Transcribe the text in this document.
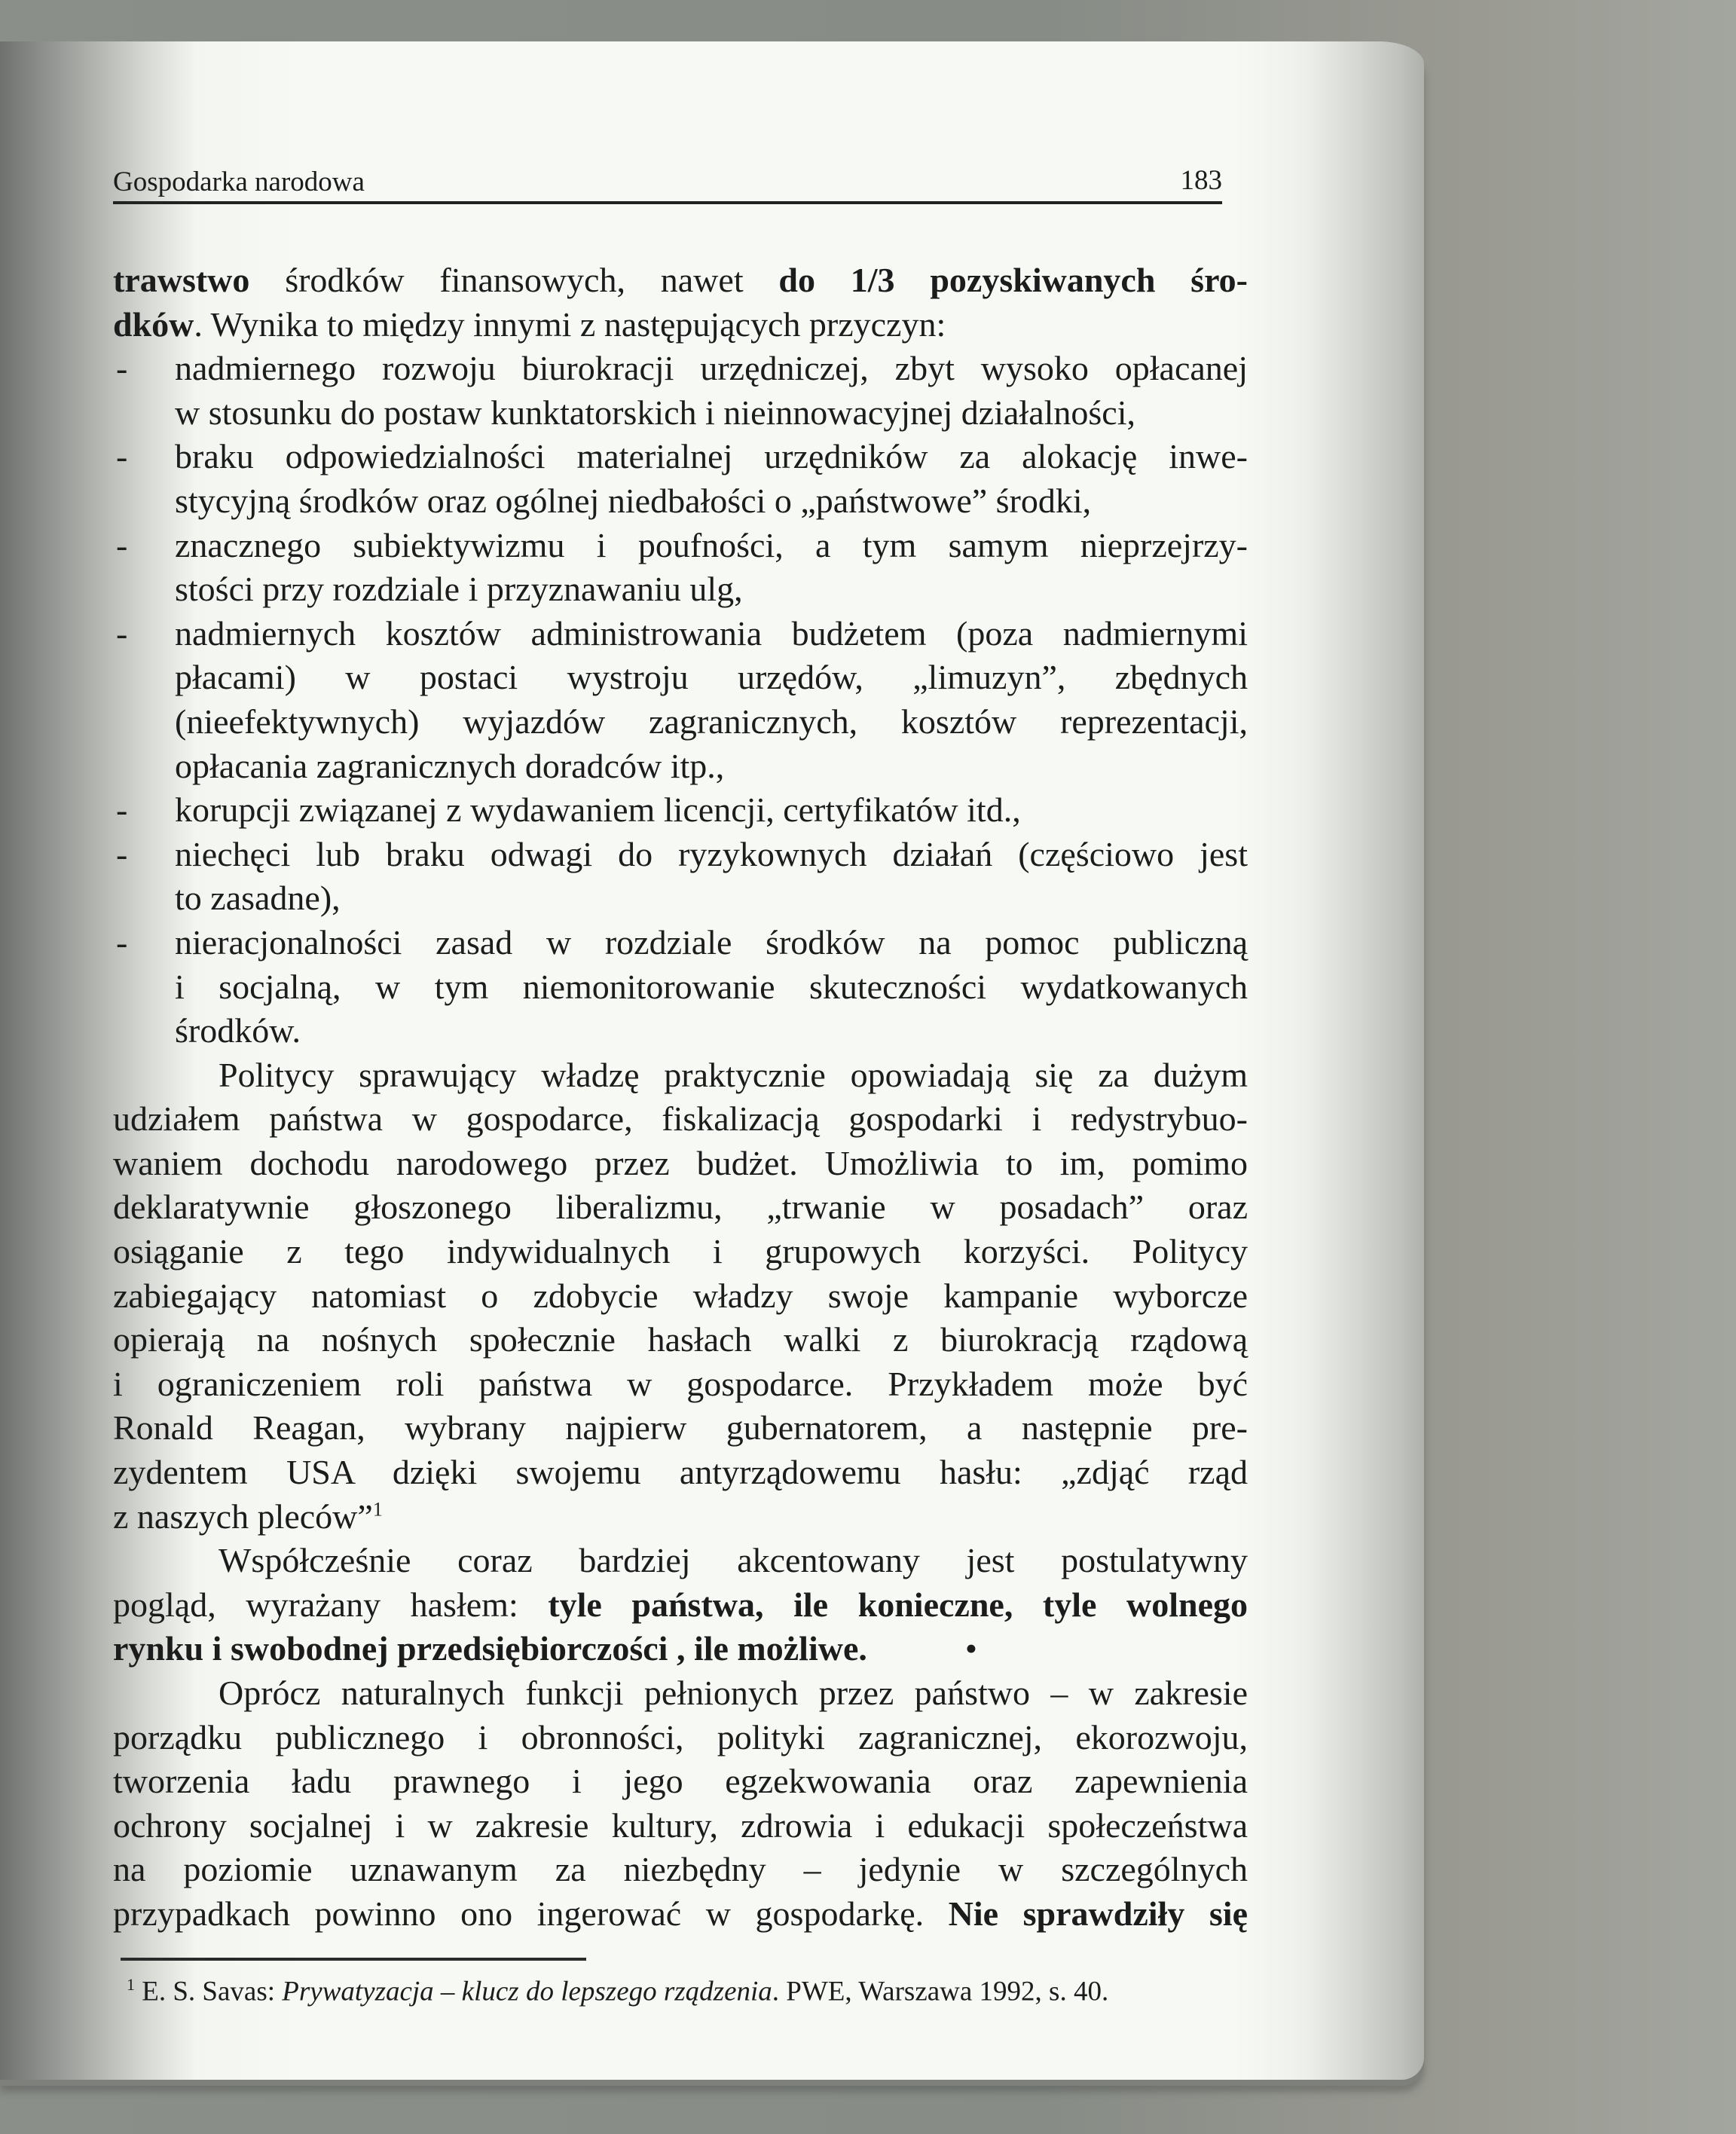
Gospodarka narodowa	183
trawstwo środków finansowych, nawet do 1/3 pozyskiwanych śro-
dków. Wynika to między innymi z następujących przyczyn:
- nadmiernego rozwoju biurokracji urzędniczej, zbyt wysoko opłacanej
w stosunku do postaw kunktatorskich i nieinnowacyjnej działalności,
- braku odpowiedzialności materialnej urzędników za alokację inwe-
stycyjną środków oraz ogólnej niedbałości o „państwowe” środki,
- znacznego subiektywizmu i poufności, a tym samym nieprzejrzy-
stości przy rozdziale i przyznawaniu ulg,
- nadmiernych kosztów administrowania budżetem (poza nadmiernymi
płacami) w postaci wystroju urzędów, „limuzyn”, zbędnych
(nieefektywnych) wyjazdów zagranicznych, kosztów reprezentacji,
opłacania zagranicznych doradców itp.,
- korupcji związanej z wydawaniem licencji, certyfikatów itd.,
- niechęci lub braku odwagi do ryzykownych działań (częściowo jest
to zasadne),
- nieracjonalności zasad w rozdziale środków na pomoc publiczną
i socjalną, w tym niemonitorowanie skuteczności wydatkowanych
środków.
Politycy sprawujący władzę praktycznie opowiadają się za dużym
udziałem państwa w gospodarce, fiskalizacją gospodarki i redystrybuo-
waniem dochodu narodowego przez budżet. Umożliwia to im, pomimo
deklaratywnie głoszonego liberalizmu, „trwanie w posadach” oraz
osiąganie z tego indywidualnych i grupowych korzyści. Politycy
zabiegający natomiast o zdobycie władzy swoje kampanie wyborcze
opierają na nośnych społecznie hasłach walki z biurokracją rządową
i ograniczeniem roli państwa w gospodarce. Przykładem może być
Ronald Reagan, wybrany najpierw gubernatorem, a następnie pre-
zydentem USA dzięki swojemu antyrządowemu hasłu: „zdjąć rząd
z naszych pleców”$^1$
Współcześnie coraz bardziej akcentowany jest postulatywny
pogląd, wyrażany hasłem: tyle państwa, ile konieczne, tyle wolnego
rynku i swobodnej przedsiębiorczości , ile możliwe.	•
Oprócz naturalnych funkcji pełnionych przez państwo – w zakresie
porządku publicznego i obronności, polityki zagranicznej, ekorozwoju,
tworzenia ładu prawnego i jego egzekwowania oraz zapewnienia
ochrony socjalnej i w zakresie kultury, zdrowia i edukacji społeczeństwa
na poziomie uznawanym za niezbędny – jedynie w szczególnych
przypadkach powinno ono ingerować w gospodarkę. Nie sprawdziły się
$^1$ E. S. Savas: Prywatyzacja – klucz do lepszego rządzenia. PWE, Warszawa 1992, s. 40.
